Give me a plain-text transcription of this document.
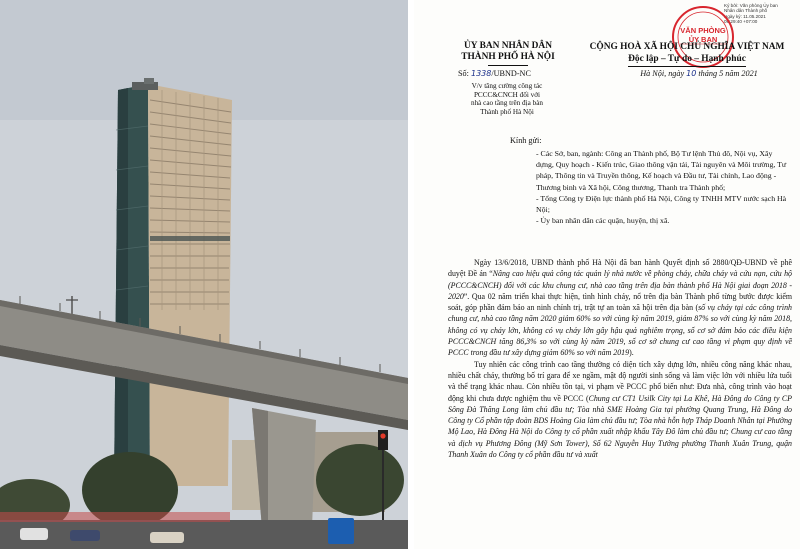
Ký bởi: Văn phòng Ủy ban
Nhân dân Thành phố
Ngày ký: 11.05.2021
09:29:40 +07:00
VĂN PHÒNG
ỦY BAN
ỦY BAN NHÂN DÂN
THÀNH PHỐ HÀ NỘI
CỘNG HOÀ XÃ HỘI CHỦ NGHĨA VIỆT NAM
Độc lập – Tự do – Hạnh phúc
Số: 1338/UBND-NC	Hà Nội, ngày 10 tháng 5 năm 2021
V/v tăng cường công tác
PCCC&CNCH đối với
nhà cao tầng trên địa bàn
Thành phố Hà Nội
Kính gửi:

- Các Sở, ban, ngành: Công an Thành phố, Bộ Tư lệnh Thủ đô, Nội vụ, Xây dựng, Quy hoạch - Kiến trúc, Giao thông vận tải, Tài nguyên và Môi trường, Tư pháp, Thông tin và Truyền thông, Kế hoạch và Đầu tư, Tài chính, Lao động - Thương binh và Xã hội, Công thương, Thanh tra Thành phố;

- Tổng Công ty Điện lực thành phố Hà Nội, Công ty TNHH MTV nước sạch Hà Nội;

- Ủy ban nhân dân các quận, huyện, thị xã.

Ngày 13/6/2018, UBND thành phố Hà Nội đã ban hành Quyết định số 2880/QĐ-UBND về phê duyệt Đề án “Nâng cao hiệu quả công tác quản lý nhà nước về phòng cháy, chữa cháy và cứu nạn, cứu hộ (PCCC&CNCH) đối với các khu chung cư, nhà cao tầng trên địa bàn thành phố Hà Nội giai đoạn 2018 - 2020”. Qua 02 năm triển khai thực hiện, tình hình cháy, nổ trên địa bàn Thành phố từng bước được kiểm soát, góp phần đảm bảo an ninh chính trị, trật tự an toàn xã hội trên địa bàn (số vụ cháy tại các công trình chung cư, nhà cao tầng năm 2020 giảm 60% so với cùng kỳ năm 2019, giảm 87% so với cùng kỳ năm 2018, không có vụ cháy lớn, không có vụ cháy lớn gây hậu quả nghiêm trọng, số cơ sở đảm bảo các điều kiện PCCC&CNCH tăng 86,3% so với cùng kỳ năm 2019, số cơ sở chung cư cao tầng vi phạm quy định về PCCC trong đầu tư xây dựng giảm 60% so với năm 2019).

Tuy nhiên các công trình cao tầng thường có diện tích xây dựng lớn, nhiều công năng khác nhau, nhiều chất cháy, thường bố trí gara để xe ngầm, mật độ người sinh sống và làm việc lớn với nhiều lứa tuổi và thể trạng khác nhau. Còn nhiều tồn tại, vi phạm về PCCC phổ biến như: Đưa nhà, công trình vào hoạt động khi chưa được nghiệm thu về PCCC (Chung cư CT1 Usilk City tại La Khê, Hà Đông do Công ty CP Sông Đà Thăng Long làm chủ đầu tư; Tòa nhà SME Hoàng Gia tại phường Quang Trung, Hà Đông do Công ty Cổ phần tập đoàn BDS Hoàng Gia làm chủ đầu tư; Tòa nhà hỗn hợp Tháp Doanh Nhân tại Phường Mộ Lao, Hà Đông Hà Nội do Công ty cổ phần xuất nhập khẩu Tây Đô làm chủ đầu tư; Chung cư cao tầng và dịch vụ Phương Đông (Mỹ Sơn Tower), Số 62 Nguyễn Huy Tưởng phường Thanh Xuân Trung, quận Thanh Xuân do Công ty cổ phần đầu tư và xuất
